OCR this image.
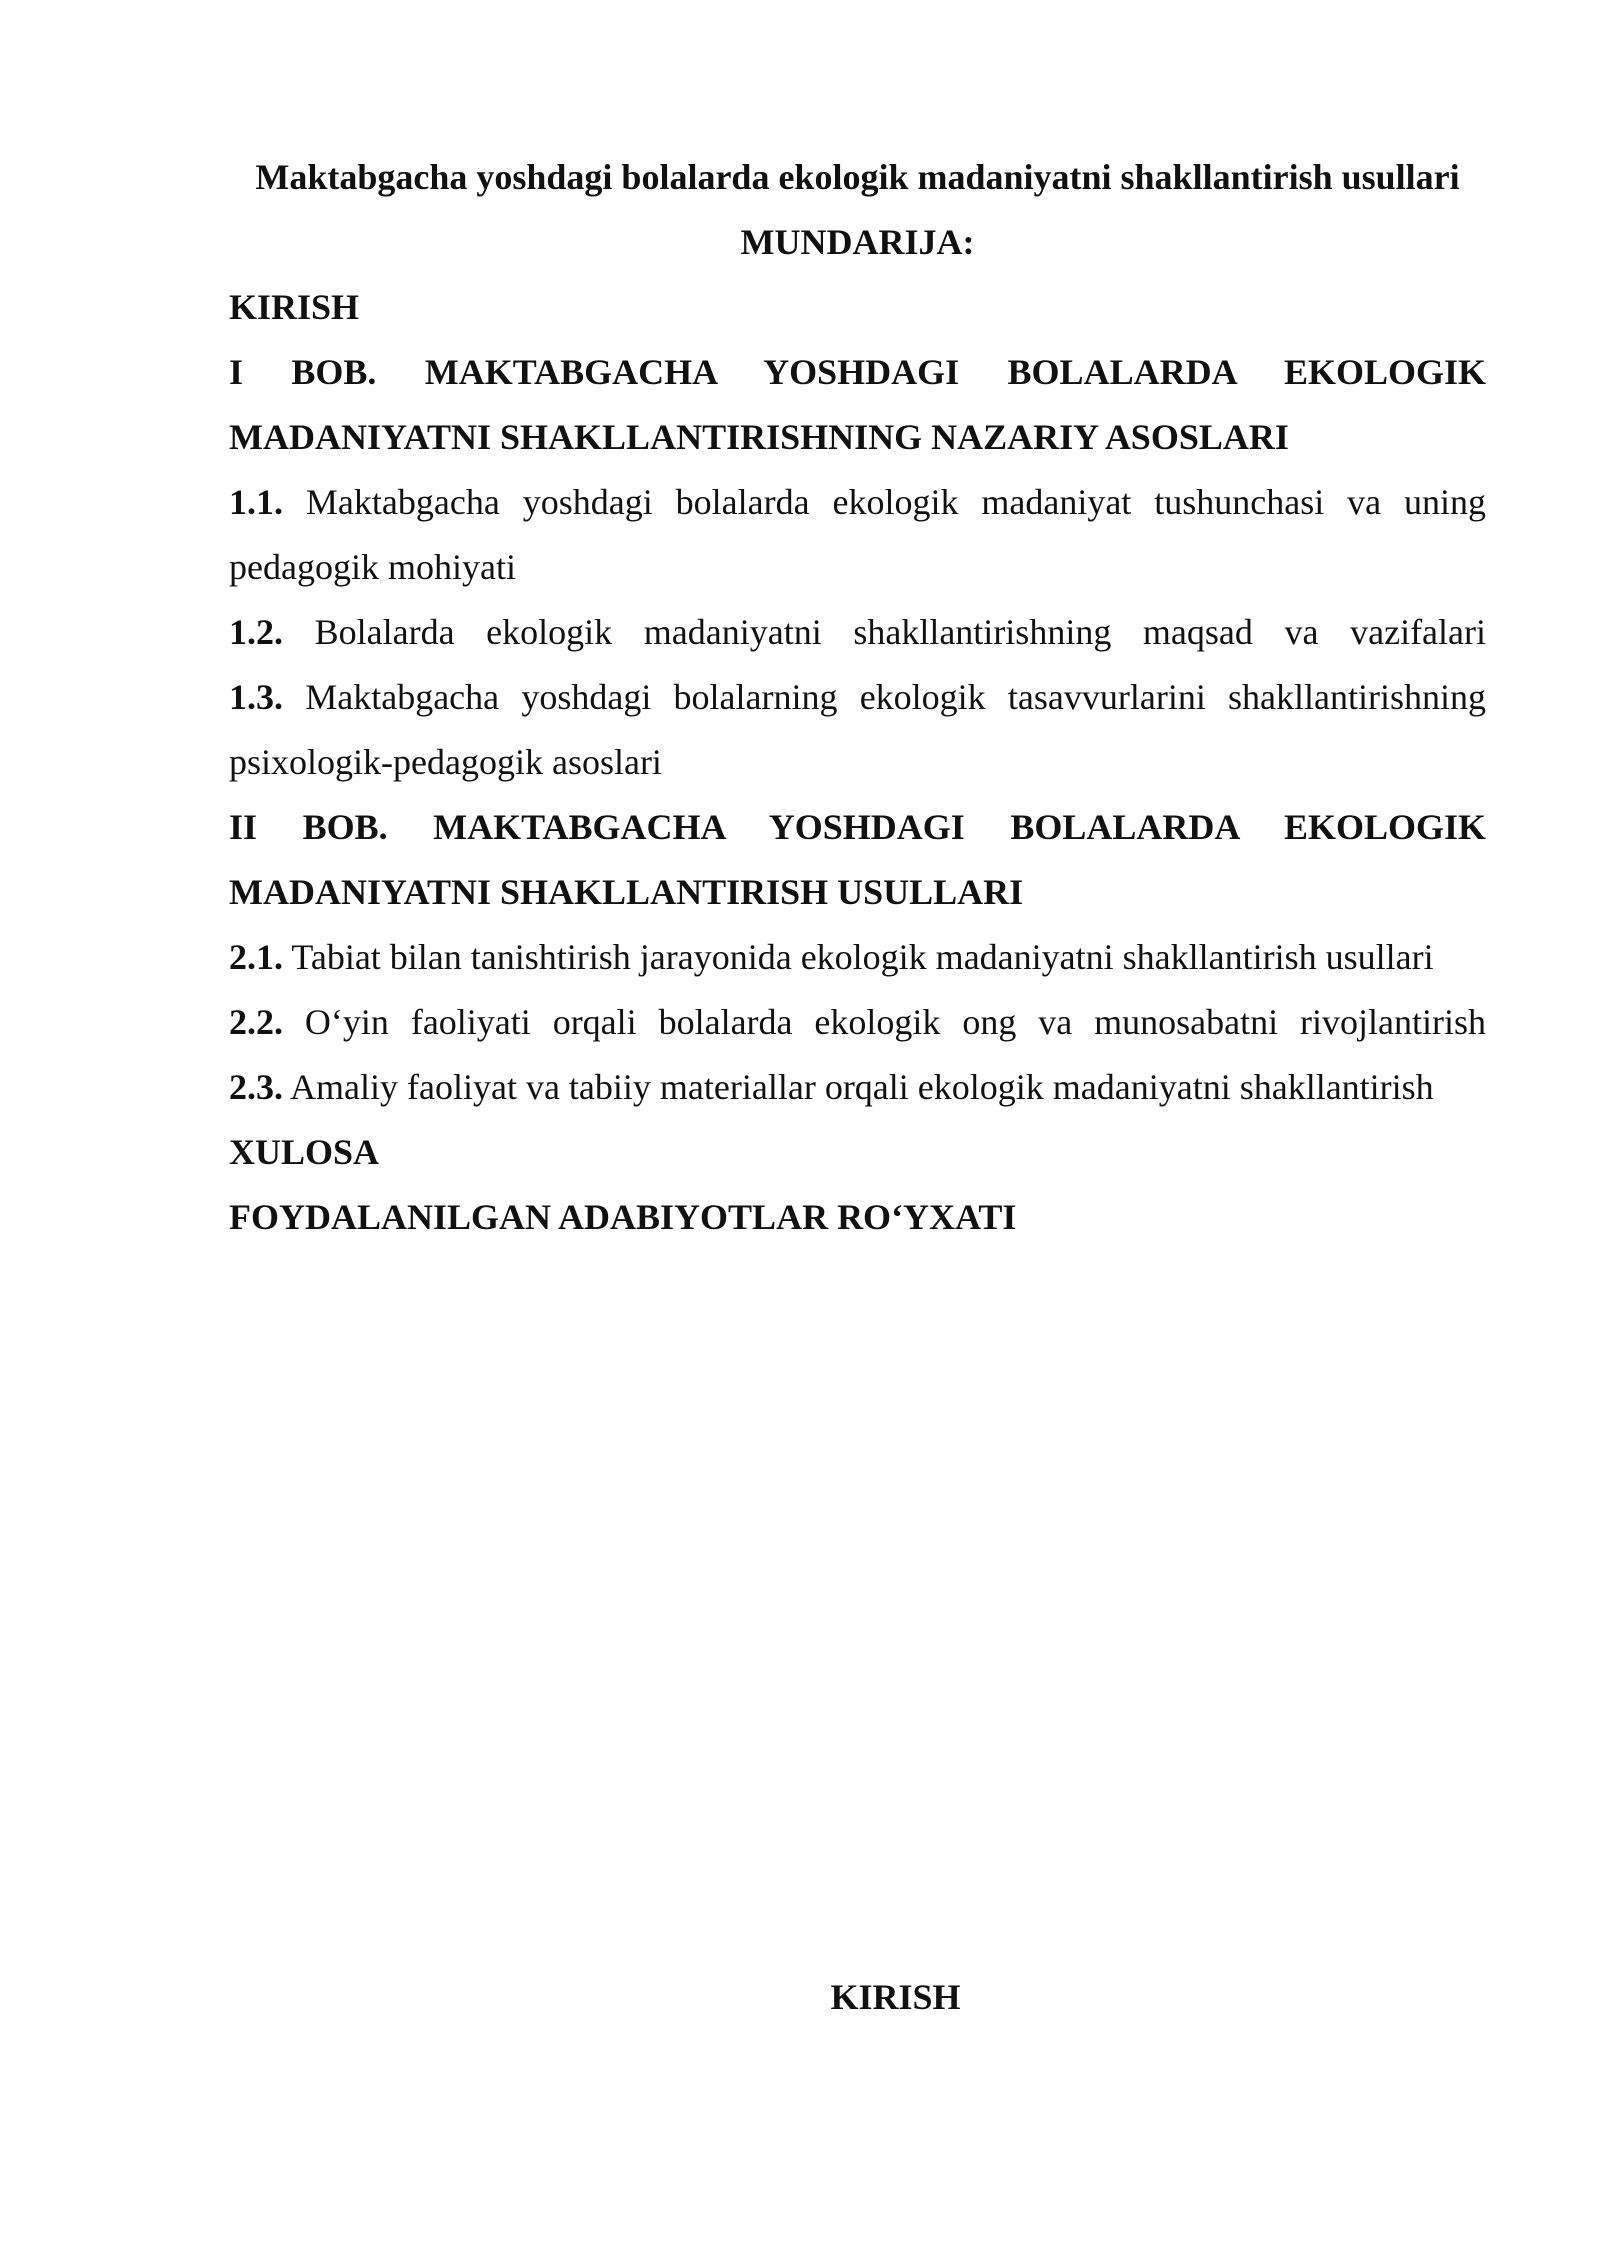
Maktabgacha yoshdagi bolalarda ekologik madaniyatni shakllantirish usullari

MUNDARIJA:

KIRISH
I BOB. MAKTABGACHA YOSHDAGI BOLALARDA EKOLOGIK MADANIYATNI SHAKLLANTIRISHNING NAZARIY ASOSLARI
1.1. Maktabgacha yoshdagi bolalarda ekologik madaniyat tushunchasi va uning pedagogik mohiyati
1.2. Bolalarda ekologik madaniyatni shakllantirishning maqsad va vazifalari
1.3. Maktabgacha yoshdagi bolalarning ekologik tasavvurlarini shakllantirishning psixologik-pedagogik asoslari
II BOB. MAKTABGACHA YOSHDAGI BOLALARDA EKOLOGIK MADANIYATNI SHAKLLANTIRISH USULLARI
2.1. Tabiat bilan tanishtirish jarayonida ekologik madaniyatni shakllantirish usullari
2.2. O‘yin faoliyati orqali bolalarda ekologik ong va munosabatni rivojlantirish
2.3. Amaliy faoliyat va tabiiy materiallar orqali ekologik madaniyatni shakllantirish
XULOSA
FOYDALANILGAN ADABIYOTLAR RO‘YXATI

KIRISH
